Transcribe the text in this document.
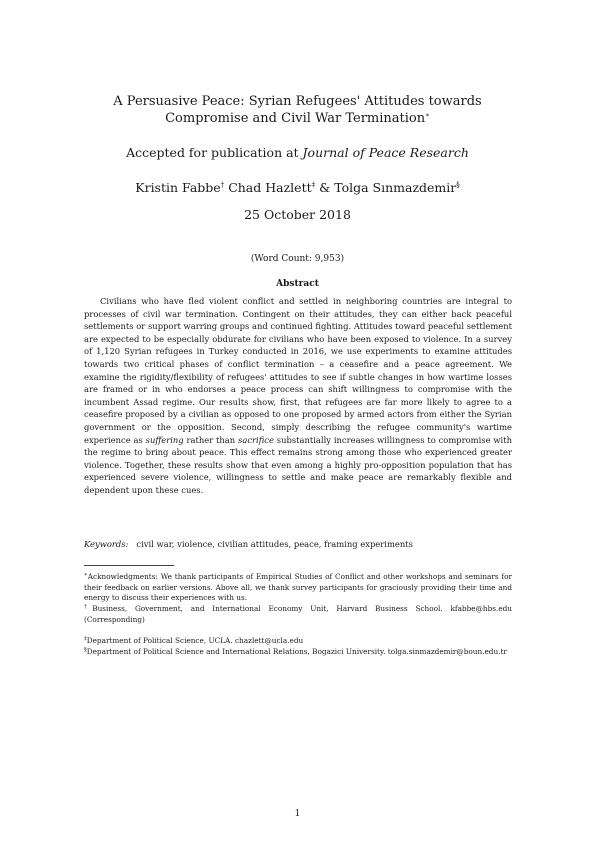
A Persuasive Peace: Syrian Refugees' Attitudes towards Compromise and Civil War Termination∗
Accepted for publication at Journal of Peace Research
Kristin Fabbe† Chad Hazlett‡ & Tolga Sınmazdemir§
25 October 2018
(Word Count: 9,953)
Abstract

Civilians who have fled violent conflict and settled in neighboring countries are integral to processes of civil war termination. Contingent on their attitudes, they can either back peaceful settlements or support warring groups and continued fighting. Attitudes toward peaceful settlement are expected to be especially obdurate for civilians who have been exposed to violence. In a survey of 1,120 Syrian refugees in Turkey conducted in 2016, we use experiments to examine attitudes towards two critical phases of conflict termination – a ceasefire and a peace agreement. We examine the rigidity/flexibility of refugees' attitudes to see if subtle changes in how wartime losses are framed or in who endorses a peace process can shift willingness to compromise with the incumbent Assad regime. Our results show, first, that refugees are far more likely to agree to a ceasefire proposed by a civilian as opposed to one proposed by armed actors from either the Syrian government or the opposition. Second, simply describing the refugee community's wartime experience as suffering rather than sacrifice substantially increases willingness to compromise with the regime to bring about peace. This effect remains strong among those who experienced greater violence. Together, these results show that even among a highly pro-opposition population that has experienced severe violence, willingness to settle and make peace are remarkably flexible and dependent upon these cues.

Keywords: civil war, violence, civilian attitudes, peace, framing experiments

∗Acknowledgments: We thank participants of Empirical Studies of Conflict and other workshops and seminars for their feedback on earlier versions. Above all, we thank survey participants for graciously providing their time and energy to discuss their experiences with us.

†Business, Government, and International Economy Unit, Harvard Business School. kfabbe@hbs.edu (Corresponding)

‡Department of Political Science, UCLA. chazlett@ucla.edu

§Department of Political Science and International Relations, Bogazici University. tolga.sinmazdemir@boun.edu.tr

1
